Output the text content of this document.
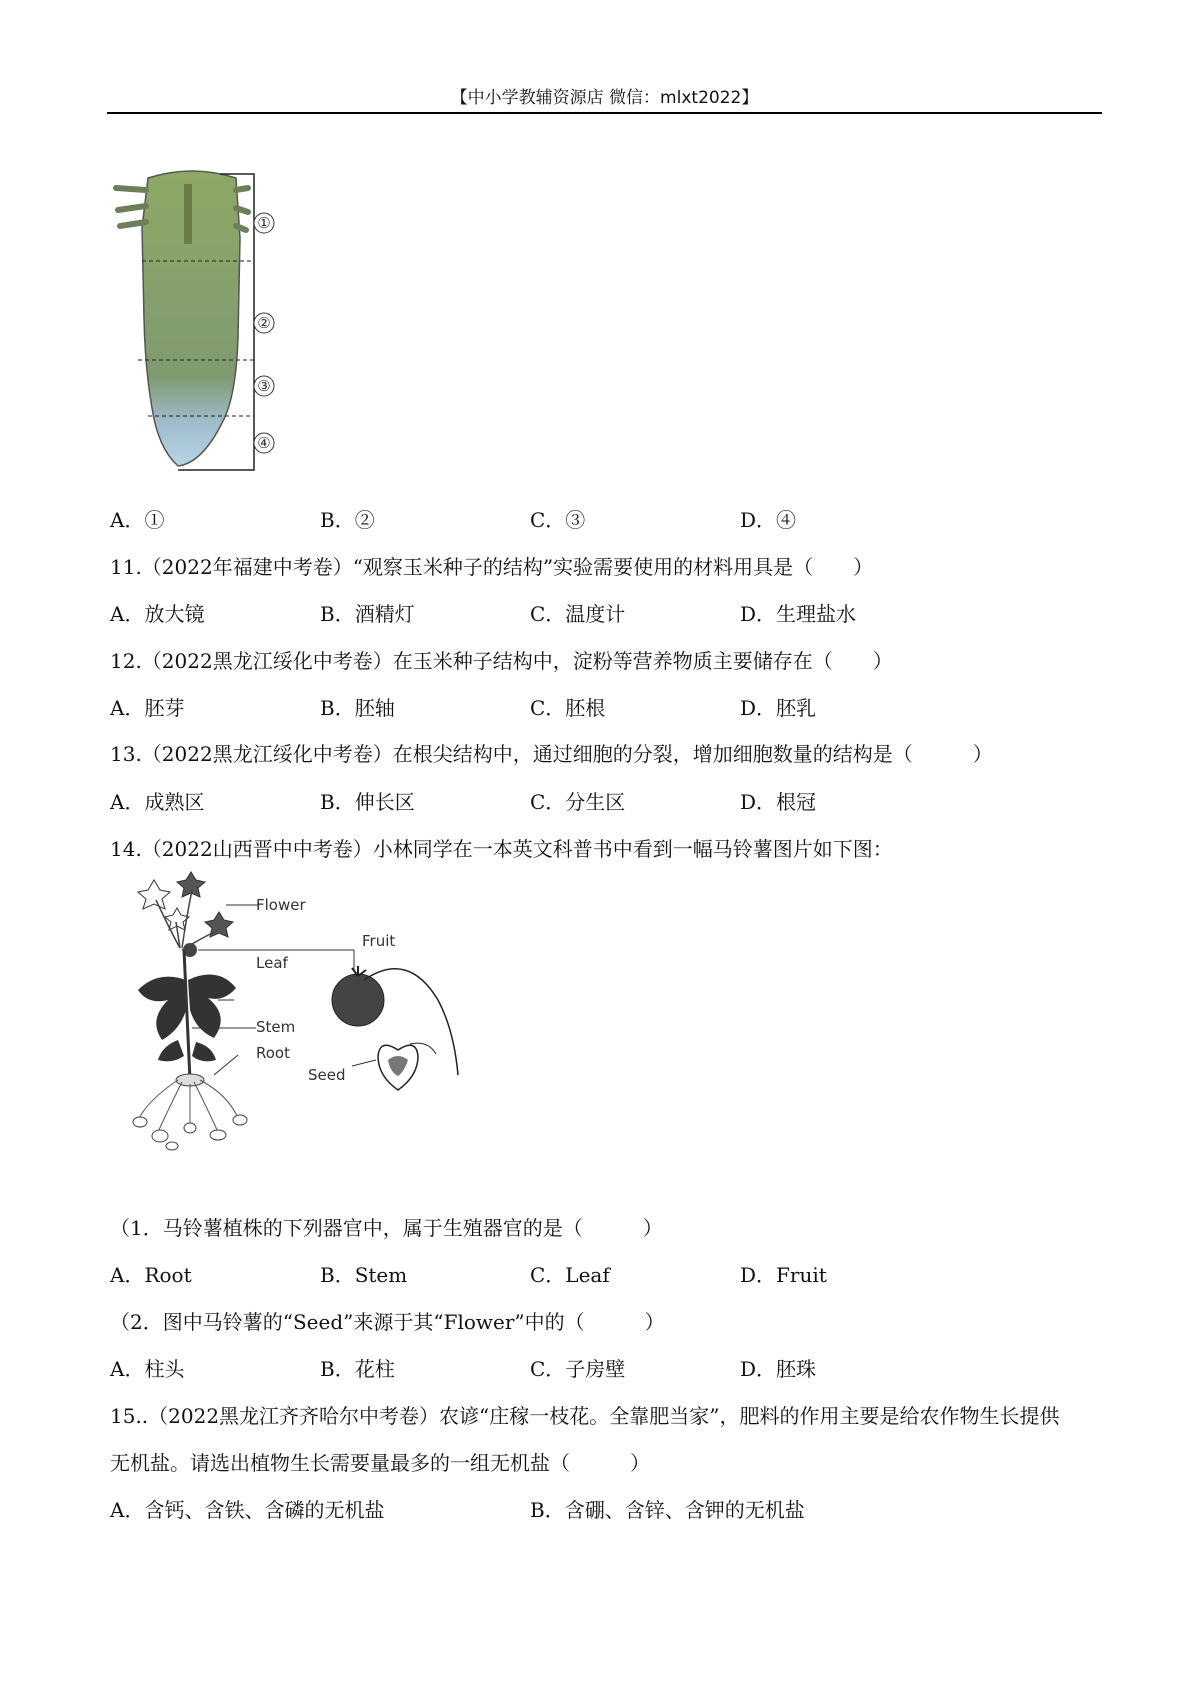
【中小学教辅资源店 微信：mlxt2022】
①
②
③
④
A．①	B．②	C．③	D．④
11.（2022年福建中考卷）“观察玉米种子的结构”实验需要使用的材料用具是（　　）
A．放大镜	B．酒精灯	C．温度计	D．生理盐水
12.（2022黑龙江绥化中考卷）在玉米种子结构中，淀粉等营养物质主要储存在（　　）
A．胚芽	B．胚轴	C．胚根	D．胚乳
13.（2022黑龙江绥化中考卷）在根尖结构中，通过细胞的分裂，增加细胞数量的结构是（　　　）
A．成熟区	B．伸长区	C．分生区	D．根冠
14.（2022山西晋中中考卷）小林同学在一本英文科普书中看到一幅马铃薯图片如下图：
Flower
Fruit
Leaf
Stem
Root
Seed
（1．马铃薯植株的下列器官中，属于生殖器官的是（　　　）
A．Root	B．Stem	C．Leaf	D．Fruit
（2．图中马铃薯的“Seed”来源于其“Flower”中的（　　　）
A．柱头	B．花柱	C．子房壁	D．胚珠
15..（2022黑龙江齐齐哈尔中考卷）农谚“庄稼一枝花。全靠肥当家”，肥料的作用主要是给农作物生长提供
无机盐。请选出植物生长需要量最多的一组无机盐（　　　）
A．含钙、含铁、含磷的无机盐	B．含硼、含锌、含钾的无机盐
